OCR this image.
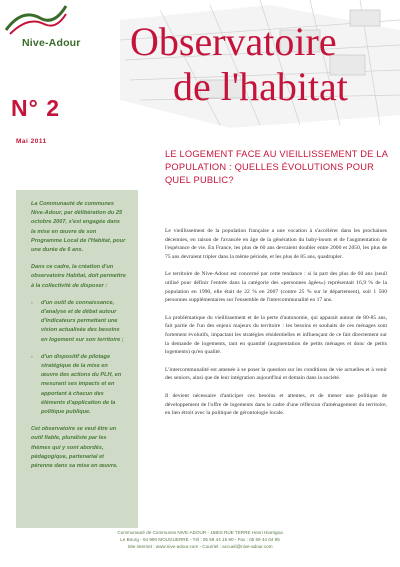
Nive-Adour Observatoire
de l'habitat
N° 2
Mai 2011

La Communauté de communes Nive-Adour, par délibération du 25 octobre 2007, s'est engagée dans la mise en œuvre de son Programme Local de l'Habitat, pour une durée de 6 ans.

Dans ce cadre, la création d'un observatoire Habitat, doit permettre à la collectivité de disposer :

- d'un outil de connaissance, d'analyse et de débat autour d'indicateurs permettant une vision actualisée des besoins en logement sur son territoire ;
- d'un dispositif de pilotage stratégique de la mise en œuvre des actions du PLH, en mesurant ses impacts et en apportant à chacun des éléments d'application de la politique publique.

Cet observatoire se veut être un outil fiable, pluraliste par les thèmes qui y sont abordés, pédagogique, partenarial et pérenne dans sa mise en œuvre.

LE LOGEMENT FACE AU VIEILLISSEMENT DE LA POPULATION : QUELLES ÉVOLUTIONS POUR QUEL PUBLIC?

Le vieillissement de la population française a une vocation à s'accélérer dans les prochaines décennies, en raison de l'avancée en âge de la génération du baby-boom et de l'augmentation de l'espérance de vie. En France, les plus de 60 ans devraient doubler entre 2000 et 2050, les plus de 75 ans devraient tripler dans la même période, et les plus de 85 ans, quadrupler.

Le territoire de Nive-Adour est concerné par cette tendance : si la part des plus de 60 ans (seuil utilisé pour définir l'entrée dans la catégorie des «personnes âgées») représentait 16,9 % de la population en 1990, elle était de 22 % en 2007 (contre 25 % sur le département), soit 1 500 personnes supplémentaires sur l'ensemble de l'intercommunalité en 17 ans.

La problématique du vieillissement et de la perte d'autonomie, qui apparait autour de 80-85 ans, fait partie de l'un des enjeux majeurs du territoire : les besoins et souhaits de ces ménages sont fortement évolutifs, impactant les stratégies résidentielles et influençant de ce fait directement sur la demande de logements, tant en quantité (augmentation de petits ménages et donc de petits logements) qu'en qualité.

L'intercommunalité est amenée à se poser la question sur les conditions de vie actuelles et à venir des seniors, ainsi que de leur intégration aujourd'hui et demain dans la société.

Il devient nécessaire d'anticiper ces besoins et attentes, et de mener une politique de développement de l'offre de logements dans le cadre d'une réflexion d'aménagement du territoire, en lien étroit avec la politique de gérontologie locale.

Communauté de Communes NIVE-ADOUR - 15BIS RUE TERRE Henri Hiarrigoa
Le Bourg - 64 990 MOUGUERRE - Tél : 05 59 44 15 90 - Fax : 05 59 44 04 95
Site internet : www.nive-adour.com - Courriel : accueil@nive-adour.com
